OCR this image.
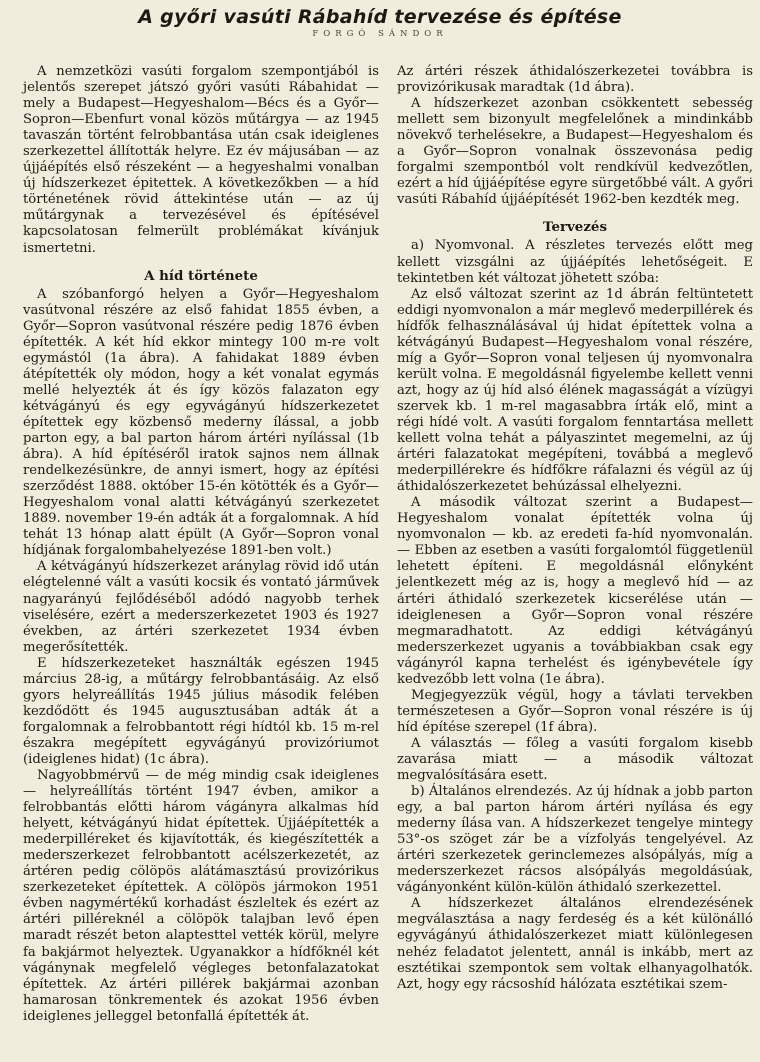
A győri vasúti Rábahíd tervezése és építése
FORGÓ SÁNDOR

A nemzetközi vasúti forgalom szempontjából is jelentős szerepet játszó győri vasúti Rábahidat — mely a Budapest—Hegyeshalom—Bécs és a Győr—Sopron—Ebenfurt vonal közös műtárgya — az 1945 tavaszán történt felrobbantása után csak ideiglenes szerkezettel állították helyre. Ez év májusában — az újjáépítés első részeként — a hegyeshalmi vonalban új hídszerkezet épitettek. A következőkben — a híd történetének rövid áttekintése után — az új műtárgynak a tervezésével és építésével kapcsolatosan felmerült problémákat kívánjuk ismertetni.

A híd története

A szóbanforgó helyen a Győr—Hegyeshalom vasútvonal részére az első fahidat 1855 évben, a Győr—Sopron vasútvonal részére pedig 1876 évben építették. A két híd ekkor mintegy 100 m-re volt egymástól (1a ábra). A fahidakat 1889 évben átépítették oly módon, hogy a két vonalat egymás mellé helyezték át és így közös falazaton egy kétvágányú és egy egyvágányú hídszerkezetet építettek egy közbenső mederny ílással, a jobb parton egy, a bal parton három ártéri nyílással (1b ábra). A híd építéséről iratok sajnos nem állnak rendelkezésünkre, de annyi ismert, hogy az építési szerződést 1888. október 15-én kötötték és a Győr—Hegyeshalom vonal alatti kétvágányú szerkezetet 1889. november 19-én adták át a forgalomnak. A híd tehát 13 hónap alatt épült (A Győr—Sopron vonal hídjának forgalombahelyezése 1891-ben volt.)

A kétvágányú hídszerkezet aránylag rövid idő után elégtelenné vált a vasúti kocsik és vontató járművek nagyarányú fejlődéséből adódó nagyobb terhek viselésére, ezért a mederszerkezetet 1903 és 1927 években, az ártéri szerkezetet 1934 évben megerősítették.

E hídszerkezeteket használták egészen 1945 március 28-ig, a műtárgy felrobbantásáig. Az első gyors helyreállítás 1945 július második felében kezdődött és 1945 augusztusában adták át a forgalomnak a felrobbantott régi hídtól kb. 15 m-rel északra megépített egyvágányú provizóriumot (ideiglenes hidat) (1c ábra).

Nagyobbmérvű — de még mindig csak ideiglenes — helyreállítás történt 1947 évben, amikor a felrobbantás előtti három vágányra alkalmas híd helyett, kétvágányú hidat építettek. Újjáépítették a mederpilléreket és kijavították, és kiegészítették a mederszerkezet felrobbantott acélszerkezetét, az ártéren pedig cölöpös alátámasztású provizórikus szerkezeteket építettek. A cölöpös jármokon 1951 évben nagymértékű korhadást észleltek és ezért az ártéri pillérеknél a cölöpök talajban levő épen maradt részét beton alaptesttel vették körül, melyre fa bakjármot helyeztek. Ugyanakkor a hídfőknél két vágánynak megfelelő végleges betonfalazatokat építettek. Az ártéri pillérek bakjármai azonban hamarosan tönkrementek és azokat 1956 évben ideiglenes jelleggel betonfallá építették át.

Az ártéri részek áthidalószerkezetei továbbra is provizórikusak maradtak (1d ábra).

A hídszerkezet azonban csökkentett sebesség mellett sem bizonyult megfelelőnek a mindinkább növekvő terhelésekre, a Budapest—Hegyeshalom és a Győr—Sopron vonalnak összevonása pedig forgalmi szempontból volt rendkívül kedvezőtlen, ezért a híd újjáépítése egyre sürgetőbbé vált. A győri vasúti Rábahíd újjáépítését 1962-ben kezdték meg.

Tervezés

a) Nyomvonal. A részletes tervezés előtt meg kellett vizsgálni az újjáépítés lehetőségeit. E tekintetben két változat jöhetett szóba:

Az első változat szerint az 1d ábrán feltüntetett eddigi nyomvonalon a már meglevő mederpillérek és hídfők felhasználásával új hidat építettek volna a kétvágányú Budapest—Hegyeshalom vonal részére, míg a Győr—Sopron vonal teljesen új nyomvonalra került volna. E megoldásnál figyelembe kellett venni azt, hogy az új híd alsó élének magasságát a vízügyi szervek kb. 1 m-rel magasabbra írták elő, mint a régi hídé volt. A vasúti forgalom fenntartása mellett kellett volna tehát a pályaszintet megemelni, az új ártéri falazatokat megépíteni, továbbá a meglevő mederpillérekre és hídfőkre ráfalazni és végül az új áthidalószerkezetet behúzással elhelyezni.

A második változat szerint a Budapest—Hegyeshalom vonalat építették volna új nyomvonalon — kb. az eredeti fa-híd nyomvonalán. — Ebben az esetben a vasúti forgalomtól függetlenül lehetett építeni. E megoldásnál előnyként jelentkezett még az is, hogy a meglevő híd — az ártéri áthidaló szerkezetek kicserélése után — ideiglenesen a Győr—Sopron vonal részére megmaradhatott. Az eddigi kétvágányú mederszerkezet ugyanis a továbbiakban csak egy vágányról kapna terhelést és igénybevétele így kedvezőbb lett volna (1e ábra).

Megjegyezzük végül, hogy a távlati tervekben természetesen a Győr—Sopron vonal részére is új híd építése szerepel (1f ábra).

A választás — főleg a vasúti forgalom kisebb zavarása miatt — a második változat megvalósítására esett.

b) Általános elrendezés. Az új hídnak a jobb parton egy, a bal parton három ártéri nyílása és egy mederny ílása van. A hídszerkezet tengelye mintegy 53°-os szöget zár be a vízfolyás tengelyével. Az ártéri szerkezetek gerinclemezes alsópályás, míg a mederszerkezet rácsos alsópályás megoldásúak, vágányonként külön-külön áthidaló szerkezettel.

A hídszerkezet általános elrendezésének megválasztása a nagy ferdeség és a két különálló egyvágányú áthidalószerkezet miatt különlegesen nehéz feladatot jelentett, annál is inkább, mert az esztétikai szempontok sem voltak elhanyagolhatók. Azt, hogy egy rácsoshíd hálózata esztétikai szem-
